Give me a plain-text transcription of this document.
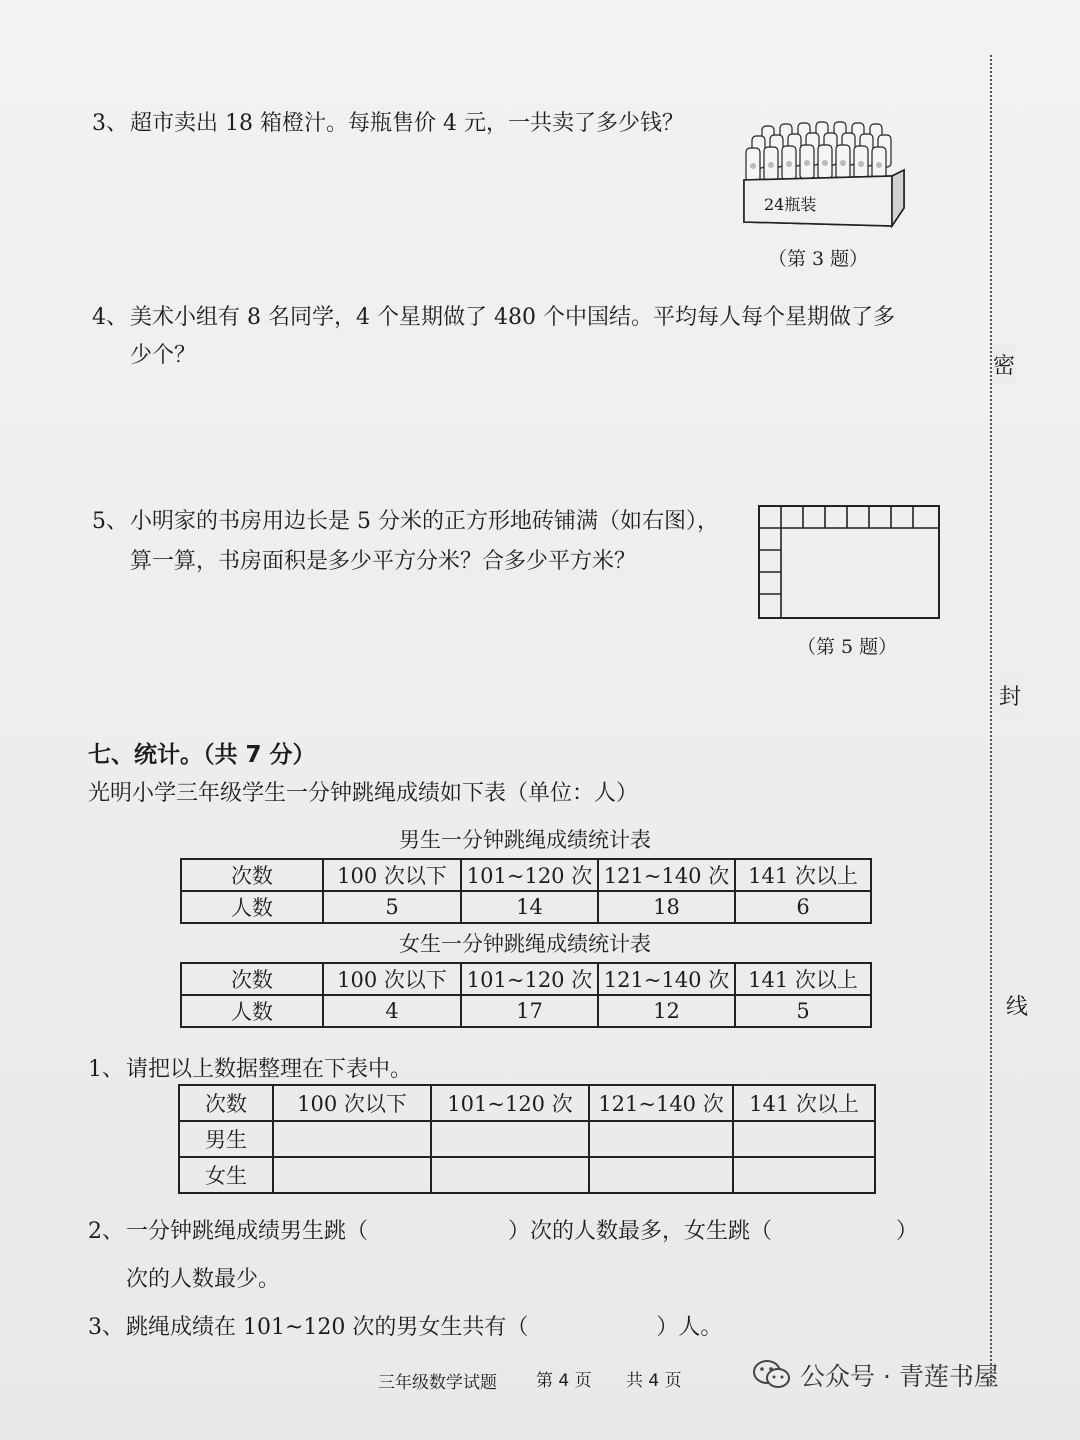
密
封
线
3、超市卖出 18 箱橙汁。每瓶售价 4 元，一共卖了多少钱？
24瓶装
（第 3 题）
4、美术小组有 8 名同学，4 个星期做了 480 个中国结。平均每人每个星期做了多
少个？
5、小明家的书房用边长是 5 分米的正方形地砖铺满（如右图），
算一算，书房面积是多少平方分米？合多少平方米？
（第 5 题）
七、统计。（共 7 分）
光明小学三年级学生一分钟跳绳成绩如下表（单位：人）
男生一分钟跳绳成绩统计表
次数	100 次以下	101~120 次	121~140 次	141 次以上
人数	5	14	18	6
女生一分钟跳绳成绩统计表
次数	100 次以下	101~120 次	121~140 次	141 次以上
人数	4	17	12	5
1、请把以上数据整理在下表中。
次数	100 次以下	101~120 次	121~140 次	141 次以上
男生				
女生				
2、一分钟跳绳成绩男生跳（	）次的人数最多，女生跳（	）
次的人数最少。
3、跳绳成绩在 101~120 次的男女生共有（	）人。
三年级数学试题 第 4 页 共 4 页	公众号 · 青莲书屋
